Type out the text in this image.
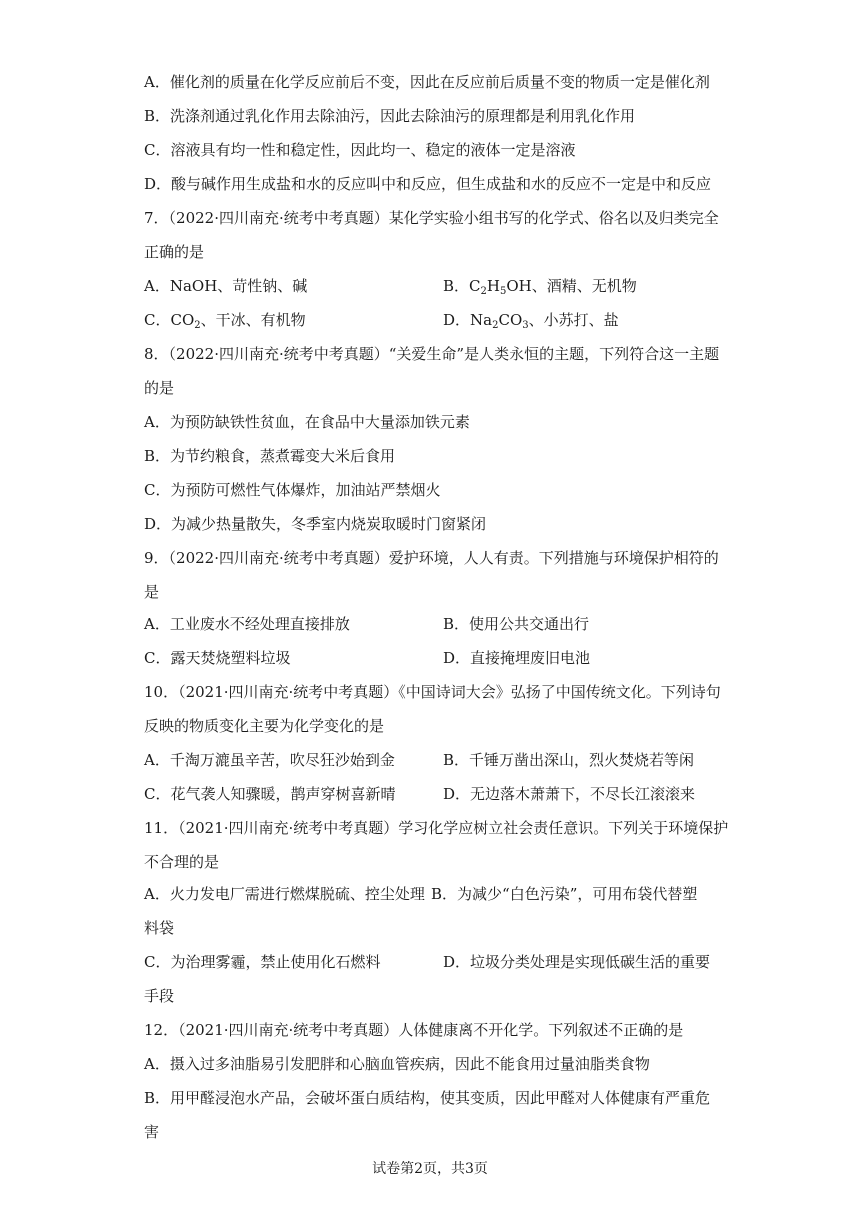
A．催化剂的质量在化学反应前后不变，因此在反应前后质量不变的物质一定是催化剂
B．洗涤剂通过乳化作用去除油污，因此去除油污的原理都是利用乳化作用
C．溶液具有均一性和稳定性，因此均一、稳定的液体一定是溶液
D．酸与碱作用生成盐和水的反应叫中和反应，但生成盐和水的反应不一定是中和反应
7．（2022·四川南充·统考中考真题）某化学实验小组书写的化学式、俗名以及归类完全
正确的是
A．NaOH、苛性钠、碱	B．$C_2H_5OH$、酒精、无机物
C．$CO_2$、干冰、有机物	D．$Na_2CO_3$、小苏打、盐
8．（2022·四川南充·统考中考真题）“关爱生命”是人类永恒的主题，下列符合这一主题
的是
A．为预防缺铁性贫血，在食品中大量添加铁元素
B．为节约粮食，蒸煮霉变大米后食用
C．为预防可燃性气体爆炸，加油站严禁烟火
D．为减少热量散失，冬季室内烧炭取暖时门窗紧闭
9．（2022·四川南充·统考中考真题）爱护环境，人人有责。下列措施与环境保护相符的
是
A．工业废水不经处理直接排放	B．使用公共交通出行
C．露天焚烧塑料垃圾	D．直接掩埋废旧电池
10．（2021·四川南充·统考中考真题）《中国诗词大会》弘扬了中国传统文化。下列诗句
反映的物质变化主要为化学变化的是
A．千淘万漉虽辛苦，吹尽狂沙始到金	B．千锤万凿出深山，烈火焚烧若等闲
C．花气袭人知骤暖，鹊声穿树喜新晴	D．无边落木萧萧下，不尽长江滚滚来
11．（2021·四川南充·统考中考真题）学习化学应树立社会责任意识。下列关于环境保护
不合理的是
A．火力发电厂需进行燃煤脱硫、控尘处理 B．为减少“白色污染”，可用布袋代替塑
料袋
C．为治理雾霾，禁止使用化石燃料	D．垃圾分类处理是实现低碳生活的重要
手段
12．（2021·四川南充·统考中考真题）人体健康离不开化学。下列叙述不正确的是
A．摄入过多油脂易引发肥胖和心脑血管疾病，因此不能食用过量油脂类食物
B．用甲醛浸泡水产品，会破坏蛋白质结构，使其变质，因此甲醛对人体健康有严重危
害
试卷第2页，共3页
